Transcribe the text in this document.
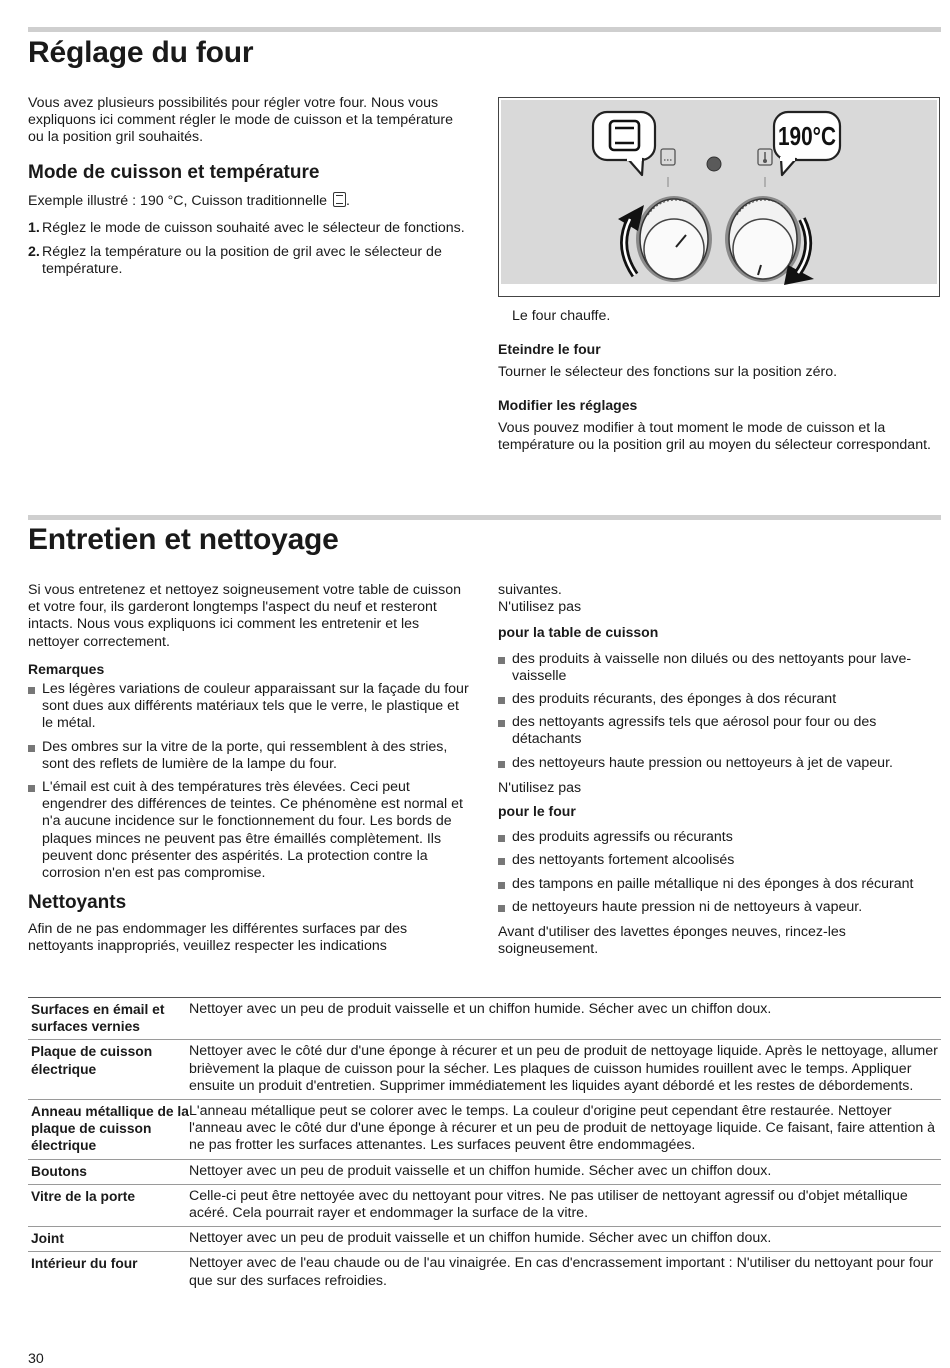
Réglage du four

Vous avez plusieurs possibilités pour régler votre four. Nous vous expliquons ici comment régler le mode de cuisson et la température ou la position gril souhaités.

Mode de cuisson et température

Exemple illustré : 190 °C, Cuisson traditionnelle .

1. Réglez le mode de cuisson souhaité avec le sélecteur de fonctions.
2. Réglez la température ou la position de gril avec le sélecteur de température.
190°C

Le four chauffe.

Eteindre le four

Tourner le sélecteur des fonctions sur la position zéro.

Modifier les réglages

Vous pouvez modifier à tout moment le mode de cuisson et la température ou la position gril au moyen du sélecteur correspondant.

Entretien et nettoyage

Si vous entretenez et nettoyez soigneusement votre table de cuisson et votre four, ils garderont longtemps l'aspect du neuf et resteront intacts. Nous vous expliquons ici comment les entretenir et les nettoyer correctement.

Remarques

Les légères variations de couleur apparaissant sur la façade du four sont dues aux différents matériaux tels que le verre, le plastique et le métal.
Des ombres sur la vitre de la porte, qui ressemblent à des stries, sont des reflets de lumière de la lampe du four.
L'émail est cuit à des températures très élevées. Ceci peut engendrer des différences de teintes. Ce phénomène est normal et n'a aucune incidence sur le fonctionnement du four. Les bords de plaques minces ne peuvent pas être émaillés complètement. Ils peuvent donc présenter des aspérités. La protection contre la corrosion n'en est pas compromise.
Nettoyants

Afin de ne pas endommager les différentes surfaces par des nettoyants inappropriés, veuillez respecter les indications

suivantes.

N'utilisez pas

pour la table de cuisson

des produits à vaisselle non dilués ou des nettoyants pour lave-vaisselle
des produits récurants, des éponges à dos récurant
des nettoyants agressifs tels que aérosol pour four ou des détachants
des nettoyeurs haute pression ou nettoyeurs à jet de vapeur.

N'utilisez pas

pour le four

des produits agressifs ou récurants
des nettoyants fortement alcoolisés
des tampons en paille métallique ni des éponges à dos récurant
de nettoyeurs haute pression ni de nettoyeurs à vapeur.

Avant d'utiliser des lavettes éponges neuves, rincez-les soigneusement.

Surfaces en émail et surfaces vernies	Nettoyer avec un peu de produit vaisselle et un chiffon humide. Sécher avec un chiffon doux.
Plaque de cuisson électrique	Nettoyer avec le côté dur d'une éponge à récurer et un peu de produit de nettoyage liquide. Après le nettoyage, allumer brièvement la plaque de cuisson pour la sécher. Les plaques de cuisson humides rouillent avec le temps. Appliquer ensuite un produit d'entretien. Supprimer immédiatement les liquides ayant débordé et les restes de débordements.
Anneau métallique de la plaque de cuisson électrique	L'anneau métallique peut se colorer avec le temps. La couleur d'origine peut cependant être restaurée. Nettoyer l'anneau avec le côté dur d'une éponge à récurer et un peu de produit de nettoyage liquide. Ce faisant, faire attention à ne pas frotter les surfaces attenantes. Les surfaces peuvent être endommagées.
Boutons	Nettoyer avec un peu de produit vaisselle et un chiffon humide. Sécher avec un chiffon doux.
Vitre de la porte	Celle-ci peut être nettoyée avec du nettoyant pour vitres. Ne pas utiliser de nettoyant agressif ou d'objet métallique acéré. Cela pourrait rayer et endommager la surface de la vitre.
Joint	Nettoyer avec un peu de produit vaisselle et un chiffon humide. Sécher avec un chiffon doux.
Intérieur du four	Nettoyer avec de l'eau chaude ou de l'au vinaigrée. En cas d'encrassement important : N'utiliser du nettoyant pour four que sur des surfaces refroidies.

30
